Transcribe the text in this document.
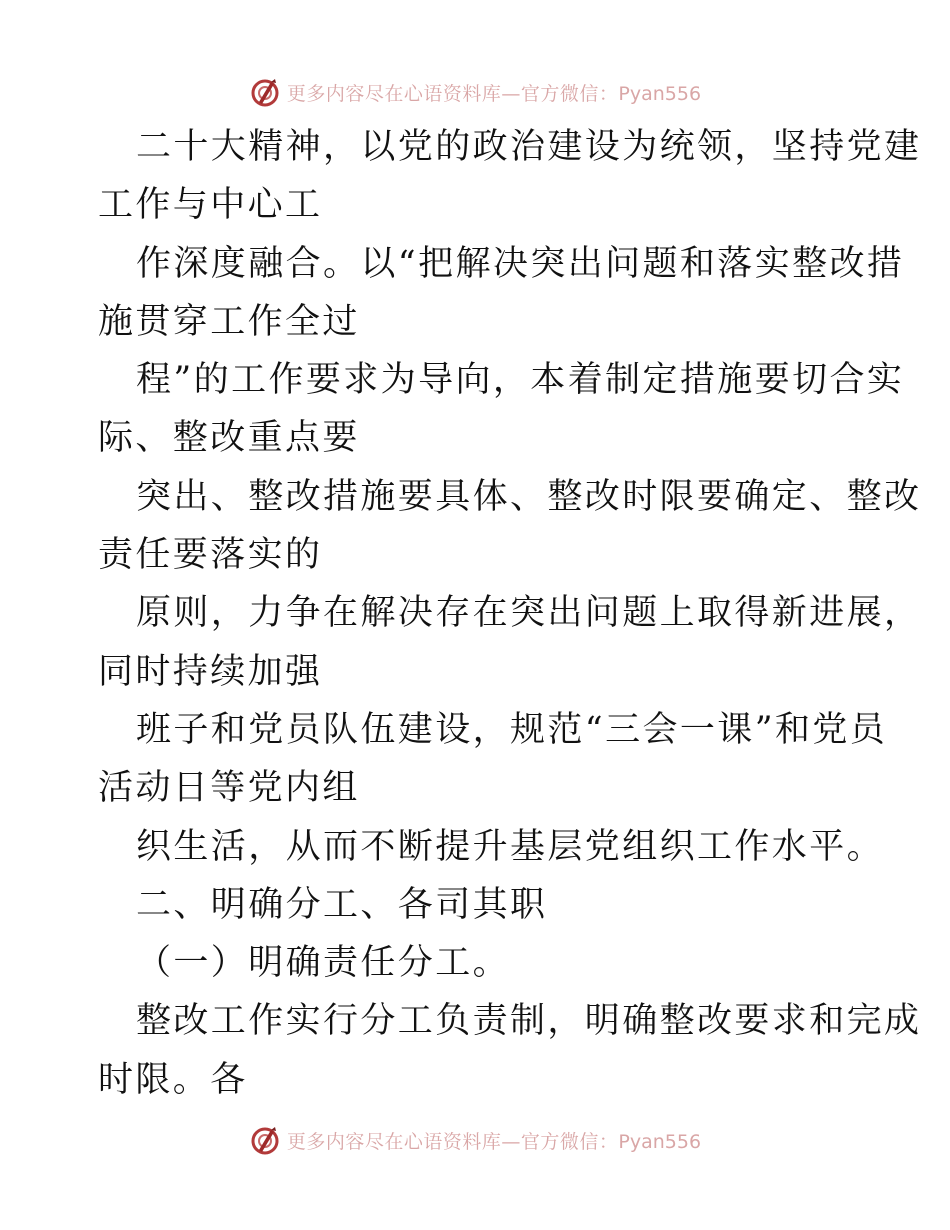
更多内容尽在心语资料库—官方微信：Pyan556
二十大精神，以党的政治建设为统领，坚持党建
工作与中心工
作深度融合。以“把解决突出问题和落实整改措
施贯穿工作全过
程”的工作要求为导向，本着制定措施要切合实
际、整改重点要
突出、整改措施要具体、整改时限要确定、整改
责任要落实的
原则，力争在解决存在突出问题上取得新进展，
同时持续加强
班子和党员队伍建设，规范“三会一课”和党员
活动日等党内组
织生活，从而不断提升基层党组织工作水平。
二、明确分工、各司其职
（一）明确责任分工。
整改工作实行分工负责制，明确整改要求和完成
时限。各
更多内容尽在心语资料库—官方微信：Pyan556
